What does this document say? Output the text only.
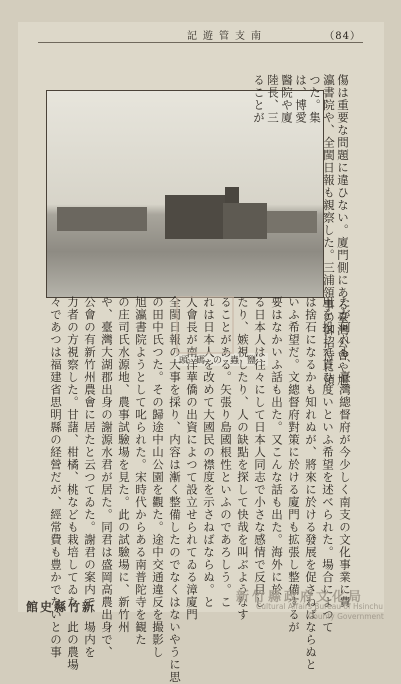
記遊管支南	（84）
頭碼の蟲鹽	傷は重要な問題に違ひない。廈門側にある臺灣公會や旭
瀛書院や、全閩日報も親察した。三浦領事の御招待に預
つた。集
は、博愛
醫院や廈
陸長、三
ることが
たが何れも、臺灣總督府が今少しく南支の文化事業に費
用を投じて貰ひ度いといふ希望を述べられた。場合によつて
は捨石になるかも知れぬが、將來に於ける發展を促さねばならぬと
いふ希望だ。文總督府對策に於ける廈門も拡張し整備するが
要はなかいふ話も出た。又こんな話も出た。海外に於
る日本人は往々にして日本人同志で小さな感情で反目し
たり、嫉視したり、人の缺點を探して快哉を叫ぶようなす
ることがある。矢張り島國根性といふのであろしう。こ
れは日本人を改めて大國民の襟度を示さねばならぬ。と
人會長が南洋華僑の出資によつて設立せられてゐる漳廈門
全閩日報の大事を採り、内容は漸く整備したのでなくはないやうに思
の田中氏つた。その歸途中山公園を觀た。途中交通違反を撮影し
旭瀛書院ようとして叱られた。宋時代からある南普陀寺を観た
の庄司氏水源地、農事試驗場を見た。此の試驗場に、新竹州
や、臺灣大湖郡出身の謝源水君が居た。同君は盛岡高農出身で、
公會の有新竹州農會に居たと云つてゐた。謝君の案内で、場内を
力者の方視察した。甘藷、柑橘、桃なども栽培してゐた。此の農場
々であつは福建省思明縣の経營だが、經常費も豊かでないとの事
館史縣竹新
新竹縣政府文化局
Cultural Affairs Bureau of Hsinchu
County Government
